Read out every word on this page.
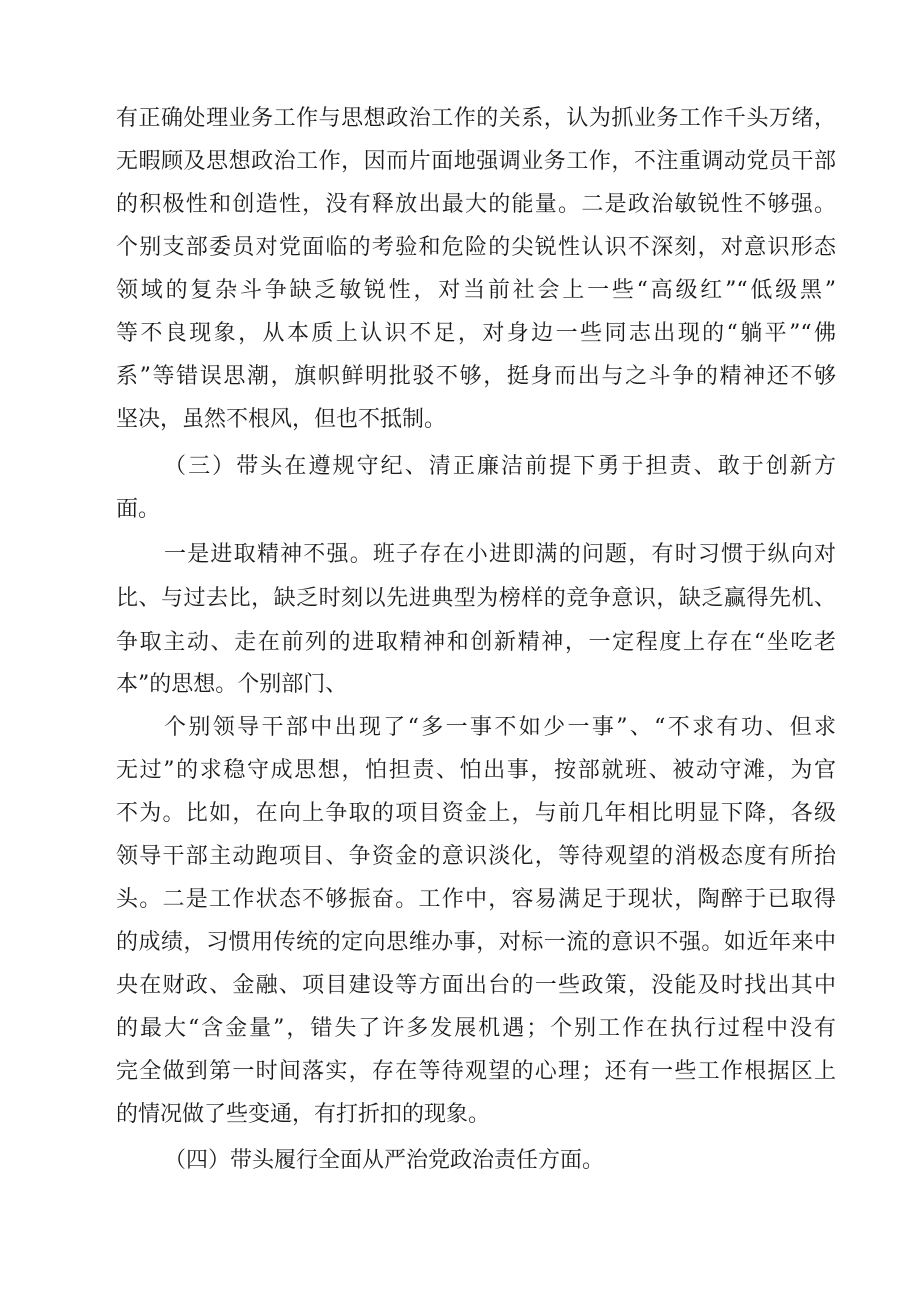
有正确处理业务工作与思想政治工作的关系，认为抓业务工作千头万绪，
无暇顾及思想政治工作，因而片面地强调业务工作，不注重调动党员干部
的积极性和创造性，没有释放出最大的能量。二是政治敏锐性不够强。
个别支部委员对党面临的考验和危险的尖锐性认识不深刻，对意识形态
领域的复杂斗争缺乏敏锐性，对当前社会上一些“高级红”“低级黑”
等不良现象，从本质上认识不足，对身边一些同志出现的“躺平”“佛
系”等错误思潮，旗帜鲜明批驳不够，挺身而出与之斗争的精神还不够
坚决，虽然不根风，但也不抵制。
（三）带头在遵规守纪、清正廉洁前提下勇于担责、敢于创新方
面。
一是进取精神不强。班子存在小进即满的问题，有时习惯于纵向对
比、与过去比，缺乏时刻以先进典型为榜样的竞争意识，缺乏赢得先机、
争取主动、走在前列的进取精神和创新精神，一定程度上存在“坐吃老
本”的思想。个别部门、
个别领导干部中出现了“多一事不如少一事”、“不求有功、但求
无过”的求稳守成思想，怕担责、怕出事，按部就班、被动守滩，为官
不为。比如，在向上争取的项目资金上，与前几年相比明显下降，各级
领导干部主动跑项目、争资金的意识淡化，等待观望的消极态度有所抬
头。二是工作状态不够振奋。工作中，容易满足于现状，陶醉于已取得
的成绩，习惯用传统的定向思维办事，对标一流的意识不强。如近年来中
央在财政、金融、项目建设等方面出台的一些政策，没能及时找出其中
的最大“含金量”，错失了许多发展机遇；个别工作在执行过程中没有
完全做到第一时间落实，存在等待观望的心理；还有一些工作根据区上
的情况做了些变通，有打折扣的现象。
（四）带头履行全面从严治党政治责任方面。
